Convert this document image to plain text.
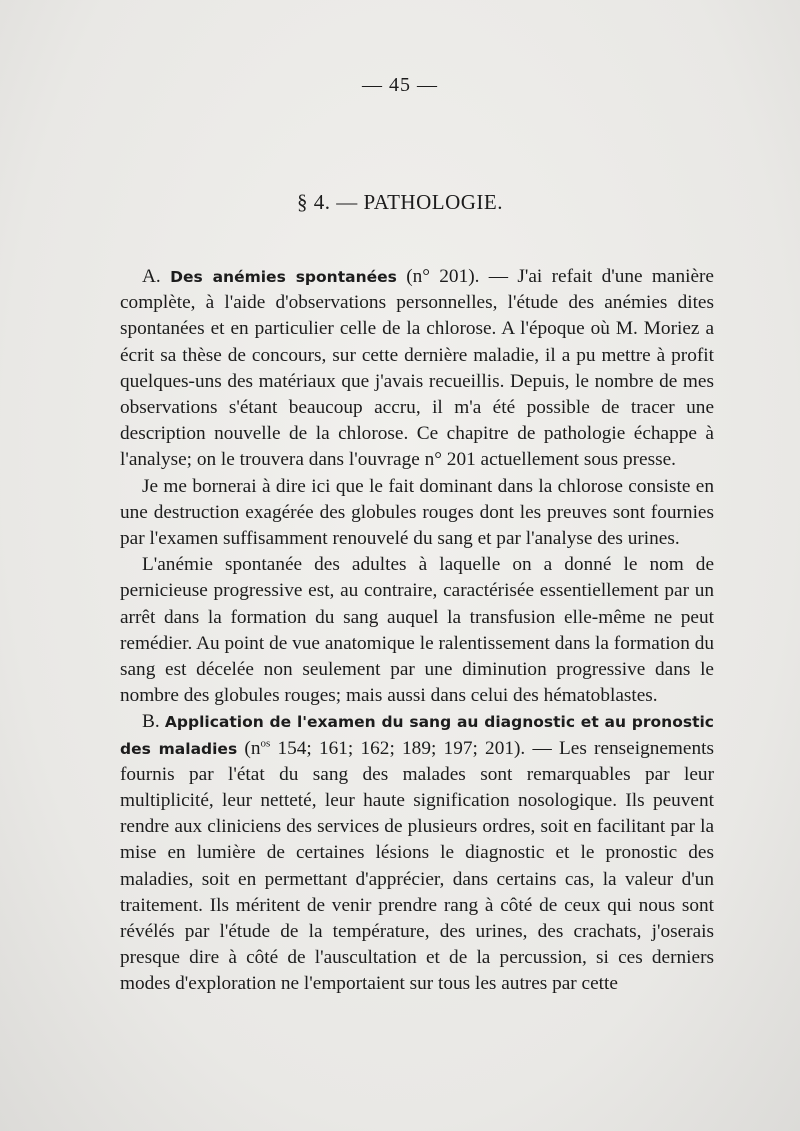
— 45 —
§ 4. — PATHOLOGIE.

A. Des anémies spontanées (n° 201). — J'ai refait d'une manière complète, à l'aide d'observations personnelles, l'étude des anémies dites spontanées et en particulier celle de la chlorose. A l'époque où M. Moriez a écrit sa thèse de concours, sur cette dernière maladie, il a pu mettre à profit quelques-uns des matériaux que j'avais recueillis. Depuis, le nombre de mes observations s'étant beaucoup accru, il m'a été possible de tracer une description nouvelle de la chlorose. Ce chapitre de pathologie échappe à l'analyse; on le trouvera dans l'ouvrage n° 201 actuellement sous presse.

Je me bornerai à dire ici que le fait dominant dans la chlorose consiste en une destruction exagérée des globules rouges dont les preuves sont fournies par l'examen suffisamment renouvelé du sang et par l'analyse des urines.

L'anémie spontanée des adultes à laquelle on a donné le nom de pernicieuse progressive est, au contraire, caractérisée essentiellement par un arrêt dans la formation du sang auquel la transfusion elle-même ne peut remédier. Au point de vue anatomique le ralentissement dans la formation du sang est décelée non seulement par une diminution progressive dans le nombre des globules rouges; mais aussi dans celui des hématoblastes.

B. Application de l'examen du sang au diagnostic et au pronostic des maladies ($n^{os}$ 154; 161; 162; 189; 197; 201). — Les renseignements fournis par l'état du sang des malades sont remarquables par leur multiplicité, leur netteté, leur haute signification nosologique. Ils peuvent rendre aux cliniciens des services de plusieurs ordres, soit en facilitant par la mise en lumière de certaines lésions le diagnostic et le pronostic des maladies, soit en permettant d'apprécier, dans certains cas, la valeur d'un traitement. Ils méritent de venir prendre rang à côté de ceux qui nous sont révélés par l'étude de la température, des urines, des crachats, j'oserais presque dire à côté de l'auscultation et de la percussion, si ces derniers modes d'exploration ne l'emportaient sur tous les autres par cette
